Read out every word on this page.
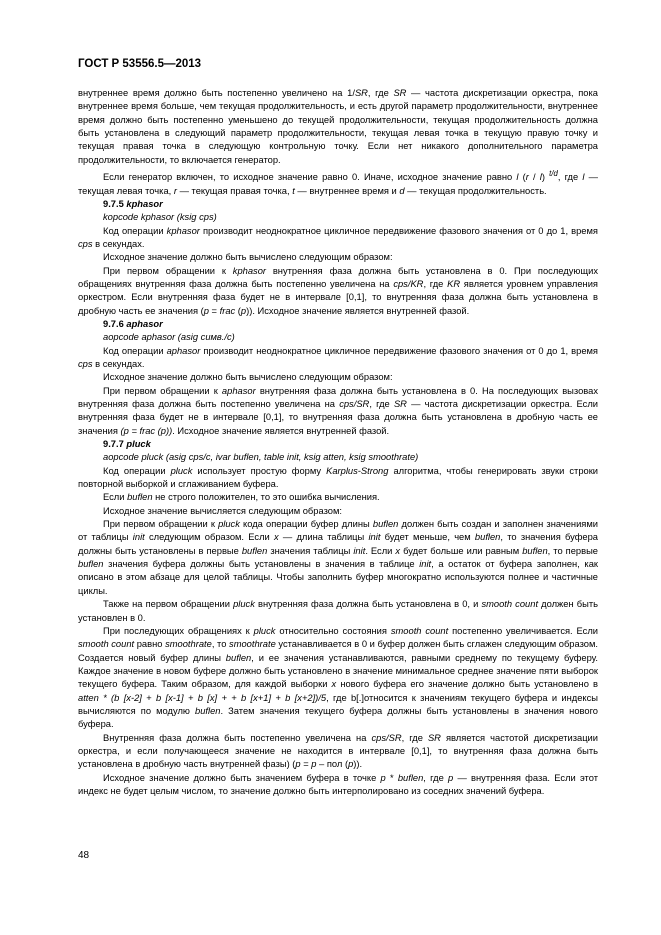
ГОСТ Р 53556.5—2013

внутреннее время должно быть постепенно увеличено на 1/SR, где SR — частота дискретизации оркестра, пока внутреннее время больше, чем текущая продолжительность, и есть другой параметр продолжительности, внутреннее время должно быть постепенно уменьшено до текущей продолжительности, текущая продолжительность должна быть установлена в следующий параметр продолжительности, текущая левая точка в текущую правую точку и текущая правая точка в следующую контрольную точку. Если нет никакого дополнительного параметра продолжительности, то включается генератор.

Если генератор включен, то исходное значение равно 0. Иначе, исходное значение равно l (r / l) $^{t/d}$, где l — текущая левая точка, r — текущая правая точка, t — внутреннее время и d — текущая продолжительность.

9.7.5 kphasor

kopcode kphasor (ksig cps)

Код операции kphasor производит неоднократное цикличное передвижение фазового значения от 0 до 1, время cps в секундах.

Исходное значение должно быть вычислено следующим образом:

При первом обращении к kphasor внутренняя фаза должна быть установлена в 0. При последующих обращениях внутренняя фаза должна быть постепенно увеличена на cps/KR, где KR является уровнем управления оркестром. Если внутренняя фаза будет не в интервале [0,1], то внутренняя фаза должна быть установлена в дробную часть ее значения (p = frac (p)). Исходное значение является внутренней фазой.

9.7.6 aphasor

aopcode aphasor (asig симв./c)

Код операции aphasor производит неоднократное цикличное передвижение фазового значения от 0 до 1, время cps в секундах.

Исходное значение должно быть вычислено следующим образом:

При первом обращении к aphasor внутренняя фаза должна быть установлена в 0. На последующих вызовах внутренняя фаза должна быть постепенно увеличена на cps/SR, где SR — частота дискретизации оркестра. Если внутренняя фаза будет не в интервале [0,1], то внутренняя фаза должна быть установлена в дробную часть ее значения (p = frac (p)). Исходное значение является внутренней фазой.

9.7.7 pluck

aopcode pluck (asig cps/c, ivar buflen, table init, ksig atten, ksig smoothrate)

Код операции pluck использует простую форму Karplus-Strong алгоритма, чтобы генерировать звуки строки повторной выборкой и сглаживанием буфера.

Если buflen не строго положителен, то это ошибка вычисления.

Исходное значение вычисляется следующим образом:

При первом обращении к pluck кода операции буфер длины buflen должен быть создан и заполнен значениями от таблицы init следующим образом. Если x — длина таблицы init будет меньше, чем buflen, то значения буфера должны быть установлены в первые buflen значения таблицы init. Если x будет больше или равным buflen, то первые buflen значения буфера должны быть установлены в значения в таблице init, а остаток от буфера заполнен, как описано в этом абзаце для целой таблицы. Чтобы заполнить буфер многократно используются полнее и частичные циклы.

Также на первом обращении pluck внутренняя фаза должна быть установлена в 0, и smooth count должен быть установлен в 0.

При последующих обращениях к pluck относительно состояния smooth count постепенно увеличивается. Если smooth count равно smoothrate, то smoothrate устанавливается в 0 и буфер должен быть сглажен следующим образом. Создается новый буфер длины buflen, и ее значения устанавливаются, равными среднему по текущему буферу. Каждое значение в новом буфере должно быть установлено в значение минимальное среднее значение пяти выборок текущего буфера. Таким образом, для каждой выборки x нового буфера его значение должно быть установлено в atten * (b [x-2] + b [x-1] + b [x] + + b [x+1] + b [x+2])/5, где b[.]относится к значениям текущего буфера и индексы вычисляются по модулю buflen. Затем значения текущего буфера должны быть установлены в значения нового буфера.

Внутренняя фаза должна быть постепенно увеличена на cps/SR, где SR является частотой дискретизации оркестра, и если получающееся значение не находится в интервале [0,1], то внутренняя фаза должна быть установлена в дробную часть внутренней фазы) (p = p – пол (p)).

Исходное значение должно быть значением буфера в точке p * buflen, где p — внутренняя фаза. Если этот индекс не будет целым числом, то значение должно быть интерполировано из соседних значений буфера.

48
